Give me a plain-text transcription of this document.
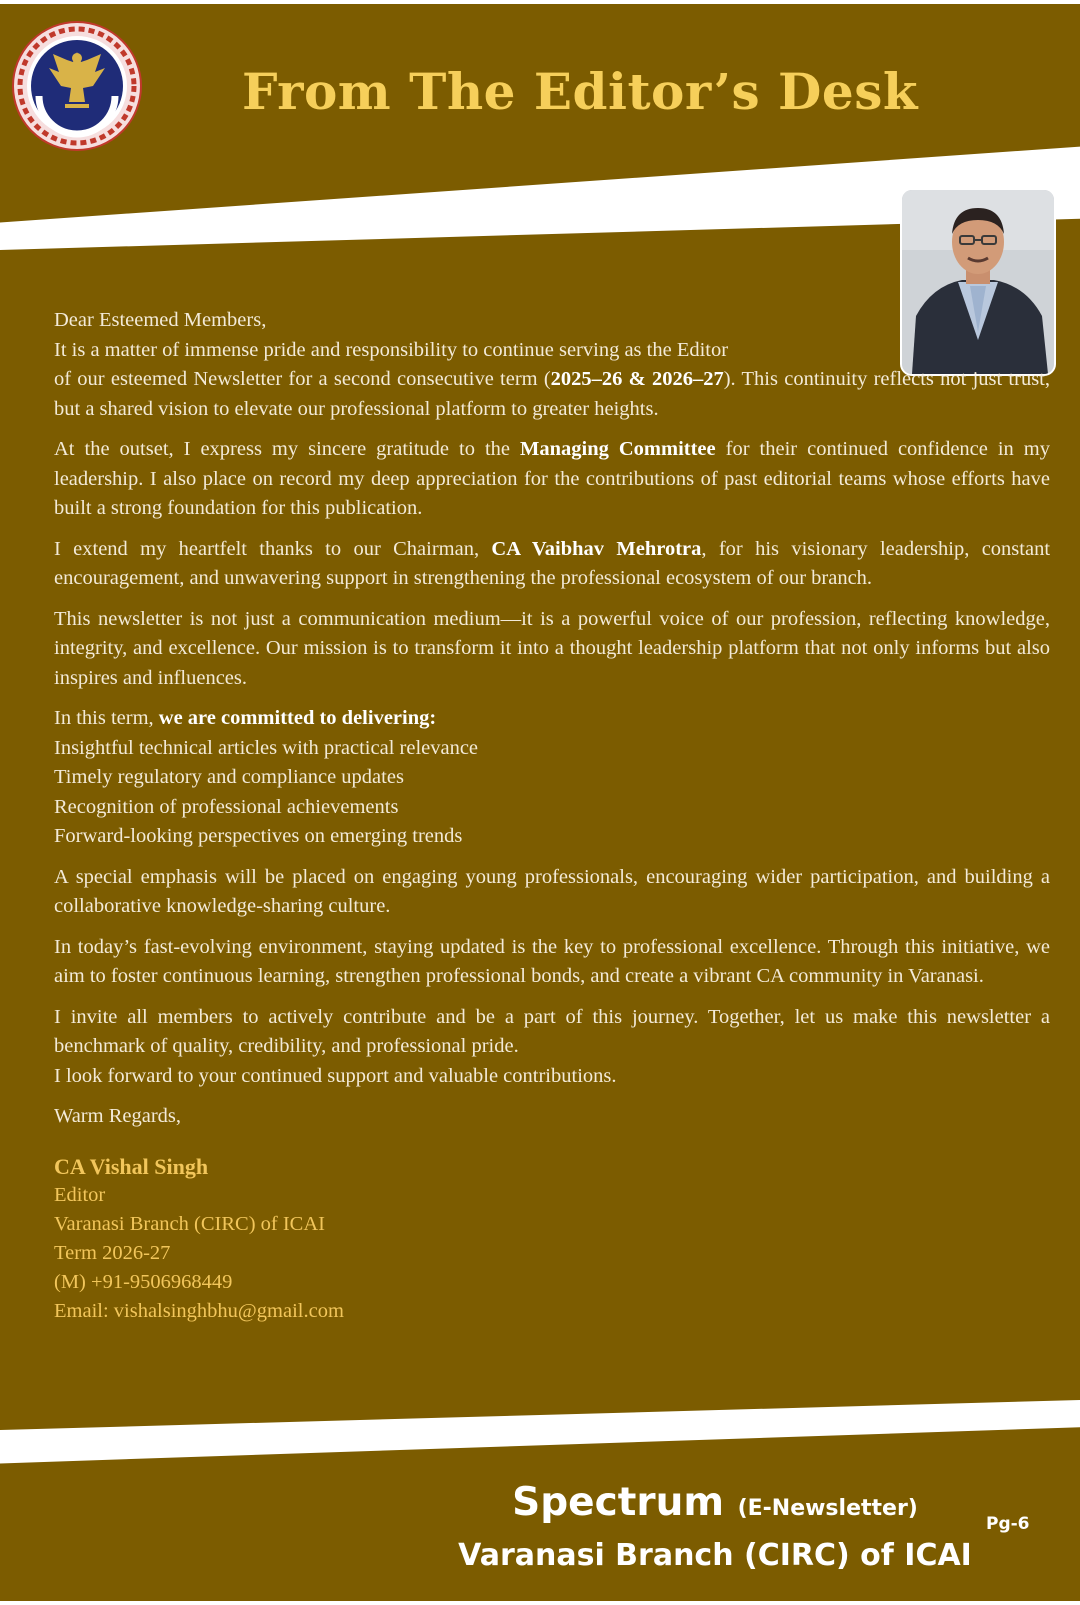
From The Editor’s Desk

Dear Esteemed Members,

It is a matter of immense pride and responsibility to continue serving as the Editor

of our esteemed Newsletter for a second consecutive term (2025–26 & 2026–27). This continuity reflects not just trust, but a shared vision to elevate our professional platform to greater heights.

At the outset, I express my sincere gratitude to the Managing Committee for their continued confidence in my leadership. I also place on record my deep appreciation for the contributions of past editorial teams whose efforts have built a strong foundation for this publication.

I extend my heartfelt thanks to our Chairman, CA Vaibhav Mehrotra, for his visionary leadership, constant encouragement, and unwavering support in strengthening the professional ecosystem of our branch.

This newsletter is not just a communication medium—it is a powerful voice of our profession, reflecting knowledge, integrity, and excellence. Our mission is to transform it into a thought leadership platform that not only informs but also inspires and influences.

In this term, we are committed to delivering:
Insightful technical articles with practical relevance
Timely regulatory and compliance updates
Recognition of professional achievements
Forward-looking perspectives on emerging trends

A special emphasis will be placed on engaging young professionals, encouraging wider participation, and building a collaborative knowledge-sharing culture.

In today’s fast-evolving environment, staying updated is the key to professional excellence. Through this initiative, we aim to foster continuous learning, strengthen professional bonds, and create a vibrant CA community in Varanasi.

I invite all members to actively contribute and be a part of this journey. Together, let us make this newsletter a benchmark of quality, credibility, and professional pride.

I look forward to your continued support and valuable contributions.

Warm Regards,

CA Vishal Singh
Editor
Varanasi Branch (CIRC) of ICAI
Term 2026-27
(M) +91-9506968449
Email: vishalsinghbhu@gmail.com
Spectrum (E-Newsletter)
Varanasi Branch (CIRC) of ICAI
Pg-6
